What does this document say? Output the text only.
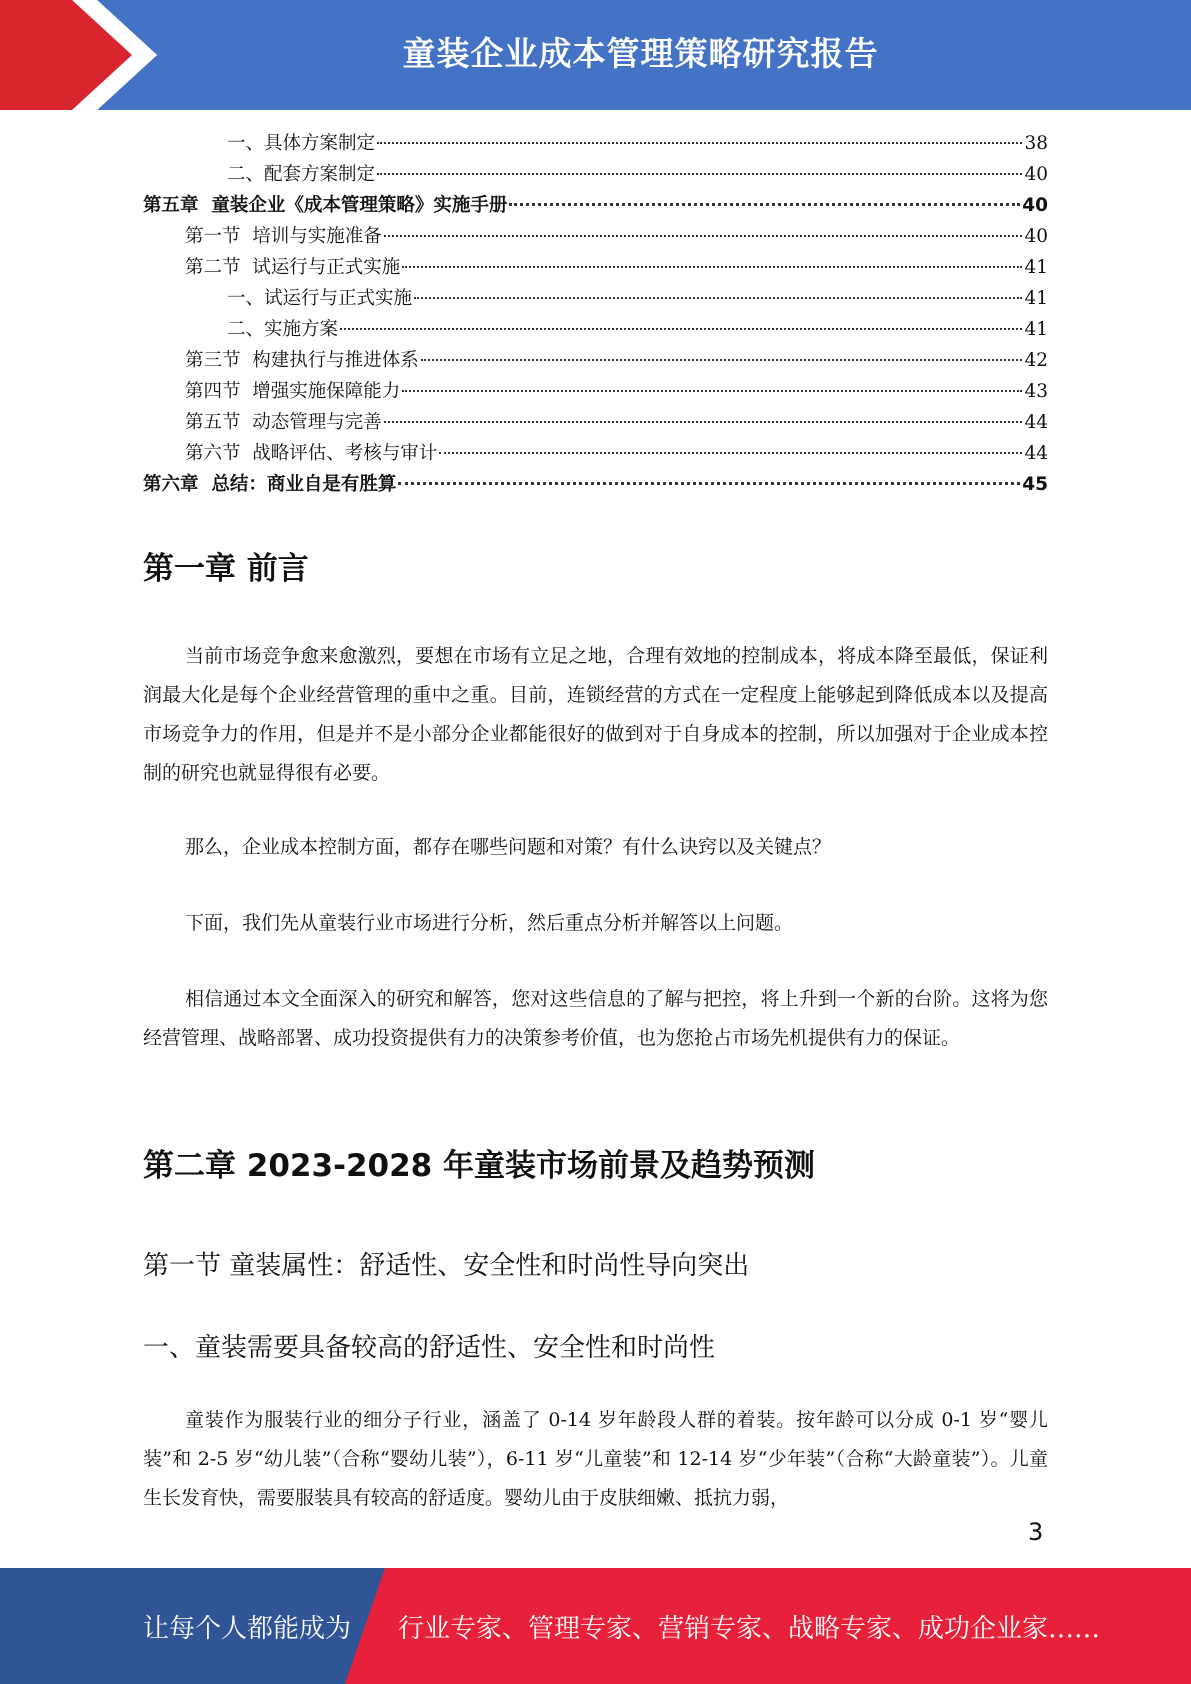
童装企业成本管理策略研究报告
一、具体方案制定	38
二、配套方案制定	40
第五章  童装企业《成本管理策略》实施手册	40
第一节  培训与实施准备	40
第二节  试运行与正式实施	41
一、试运行与正式实施	41
二、实施方案	41
第三节  构建执行与推进体系	42
第四节  增强实施保障能力	43
第五节  动态管理与完善	44
第六节  战略评估、考核与审计	44
第六章  总结：商业自是有胜算	45
第一章 前言

当前市场竞争愈来愈激烈，要想在市场有立足之地，合理有效地的控制成本，将成本降至最低，保证利润最大化是每个企业经营管理的重中之重。目前，连锁经营的方式在一定程度上能够起到降低成本以及提高市场竞争力的作用，但是并不是小部分企业都能很好的做到对于自身成本的控制，所以加强对于企业成本控制的研究也就显得很有必要。

那么，企业成本控制方面，都存在哪些问题和对策？有什么诀窍以及关键点？

下面，我们先从童装行业市场进行分析，然后重点分析并解答以上问题。

相信通过本文全面深入的研究和解答，您对这些信息的了解与把控，将上升到一个新的台阶。这将为您经营管理、战略部署、成功投资提供有力的决策参考价值，也为您抢占市场先机提供有力的保证。

第二章 2023-2028 年童装市场前景及趋势预测
第一节 童装属性：舒适性、安全性和时尚性导向突出
一、童装需要具备较高的舒适性、安全性和时尚性

童装作为服装行业的细分子行业，涵盖了 0-14 岁年龄段人群的着装。按年龄可以分成 0-1 岁“婴儿装”和 2-5 岁“幼儿装”（合称“婴幼儿装”），6-11 岁“儿童装”和 12-14 岁“少年装”（合称“大龄童装”）。儿童生长发育快，需要服装具有较高的舒适度。婴幼儿由于皮肤细嫩、抵抗力弱，

3
让每个人都能成为 行业专家、管理专家、营销专家、战略专家、成功企业家……
